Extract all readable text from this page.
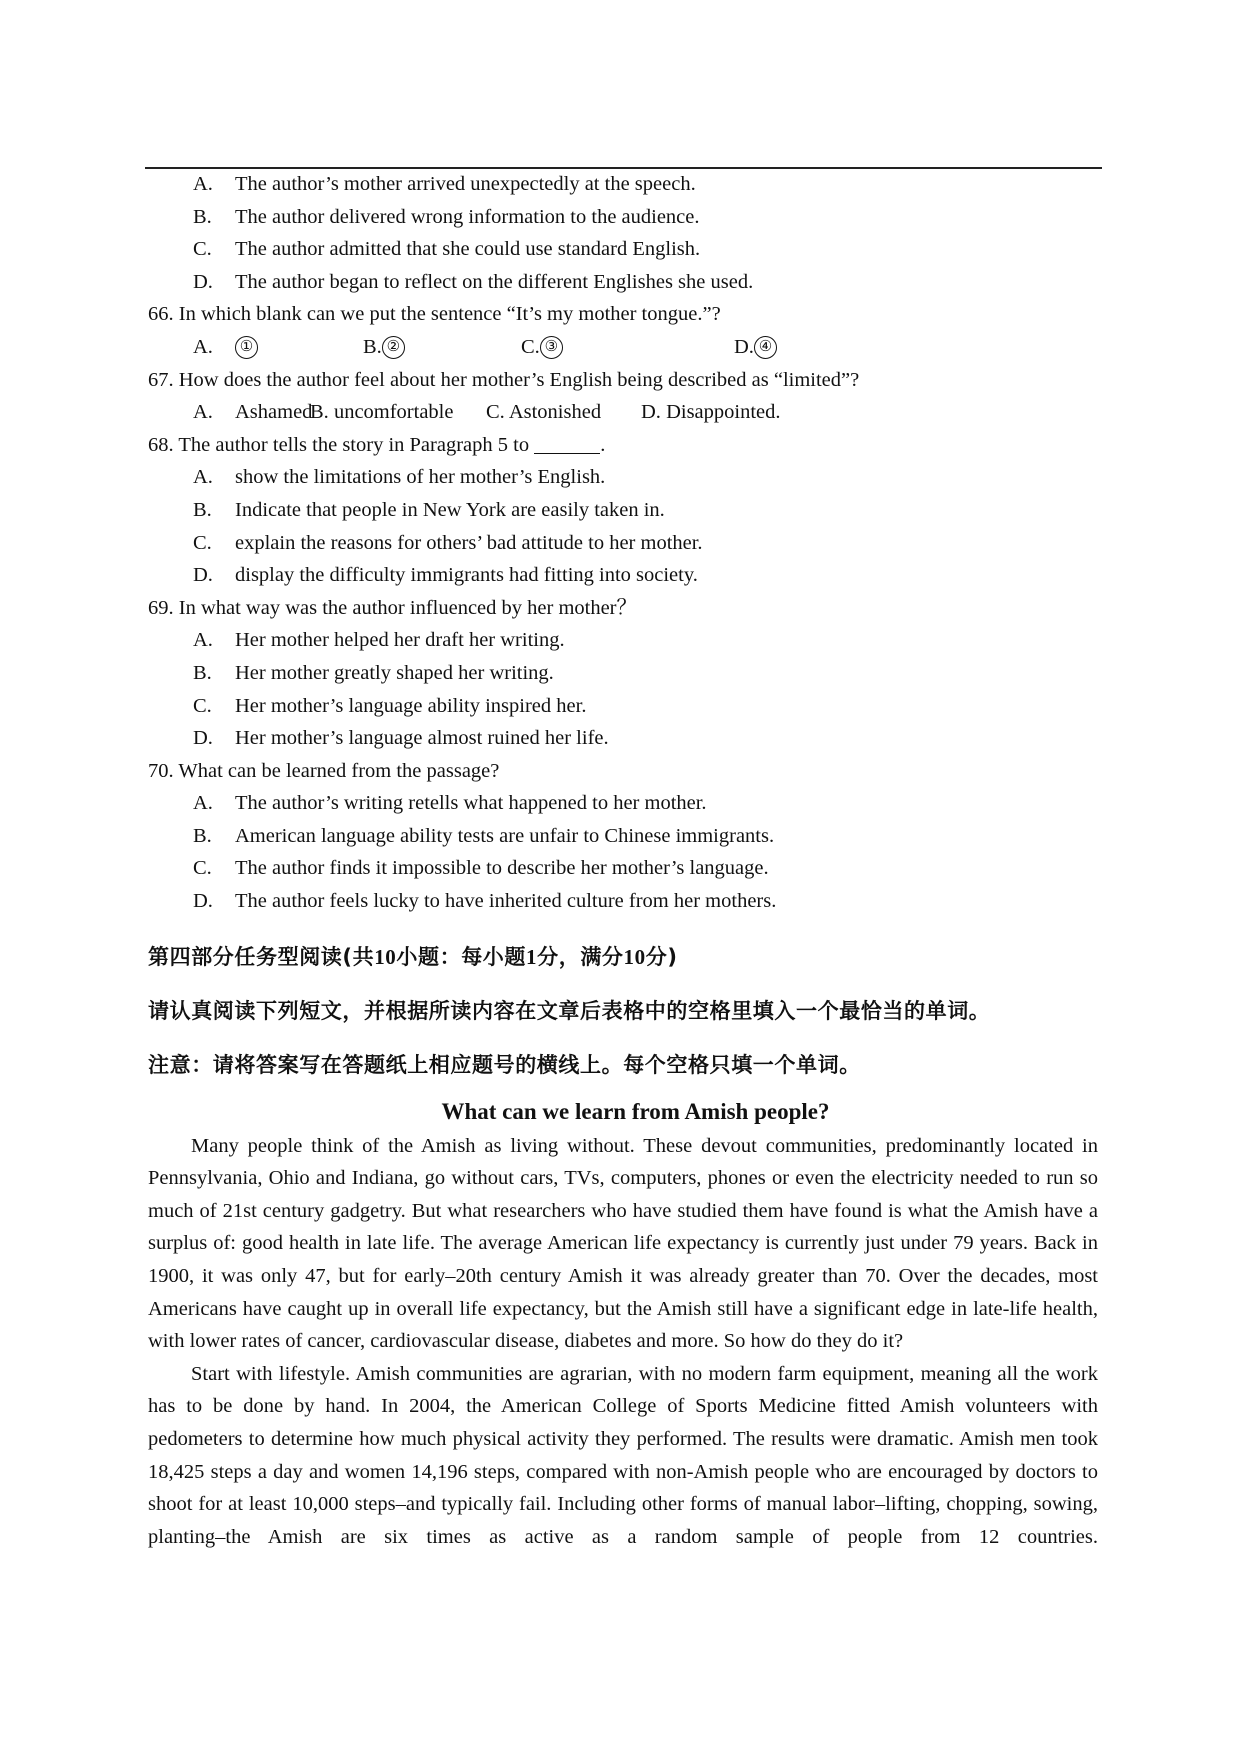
A. The author’s mother arrived unexpectedly at the speech.
B. The author delivered wrong information to the audience.
C. The author admitted that she could use standard English.
D. The author began to reflect on the different Englishes she used.
66. In which blank can we put the sentence “It’s my mother tongue.”?
A. ①	B. ②	C. ③	D. ④
67. How does the author feel about her mother’s English being described as “limited”?
A. AshamedB. uncomfortable C. Astonished D. Disappointed.
68. The author tells the story in Paragraph 5 to	.
A. show the limitations of her mother’s English.
B. Indicate that people in New York are easily taken in.
C. explain the reasons for others’ bad attitude to her mother.
D. display the difficulty immigrants had fitting into society.
69. In what way was the author influenced by her mother？
A. Her mother helped her draft her writing.
B. Her mother greatly shaped her writing.
C. Her mother’s language ability inspired her.
D. Her mother’s language almost ruined her life.
70. What can be learned from the passage?
A. The author’s writing retells what happened to her mother.
B. American language ability tests are unfair to Chinese immigrants.
C. The author finds it impossible to describe her mother’s language.
D. The author feels lucky to have inherited culture from her mothers.
第四部分任务型阅读(共10小题：每小题1分，满分10分)
请认真阅读下列短文，并根据所读内容在文章后表格中的空格里填入一个最恰当的单词。
注意：请将答案写在答题纸上相应题号的横线上。每个空格只填一个单词。
What can we learn from Amish people?

Many people think of the Amish as living without. These devout communities, predominantly located in Pennsylvania, Ohio and Indiana, go without cars, TVs, computers, phones or even the electricity needed to run so much of 21st century gadgetry. But what researchers who have studied them have found is what the Amish have a surplus of: good health in late life. The average American life expectancy is currently just under 79 years. Back in 1900, it was only 47, but for early–20th century Amish it was already greater than 70. Over the decades, most Americans have caught up in overall life expectancy, but the Amish still have a significant edge in late-life health, with lower rates of cancer, cardiovascular disease, diabetes and more. So how do they do it?

Start with lifestyle. Amish communities are agrarian, with no modern farm equipment, meaning all the work has to be done by hand. In 2004, the American College of Sports Medicine fitted Amish volunteers with pedometers to determine how much physical activity they performed. The results were dramatic. Amish men took 18,425 steps a day and women 14,196 steps, compared with non-Amish people who are encouraged by doctors to shoot for at least 10,000 steps–and typically fail. Including other forms of manual labor–lifting, chopping, sowing, planting–the Amish are six times as active as a random sample of people from 12 countries.
